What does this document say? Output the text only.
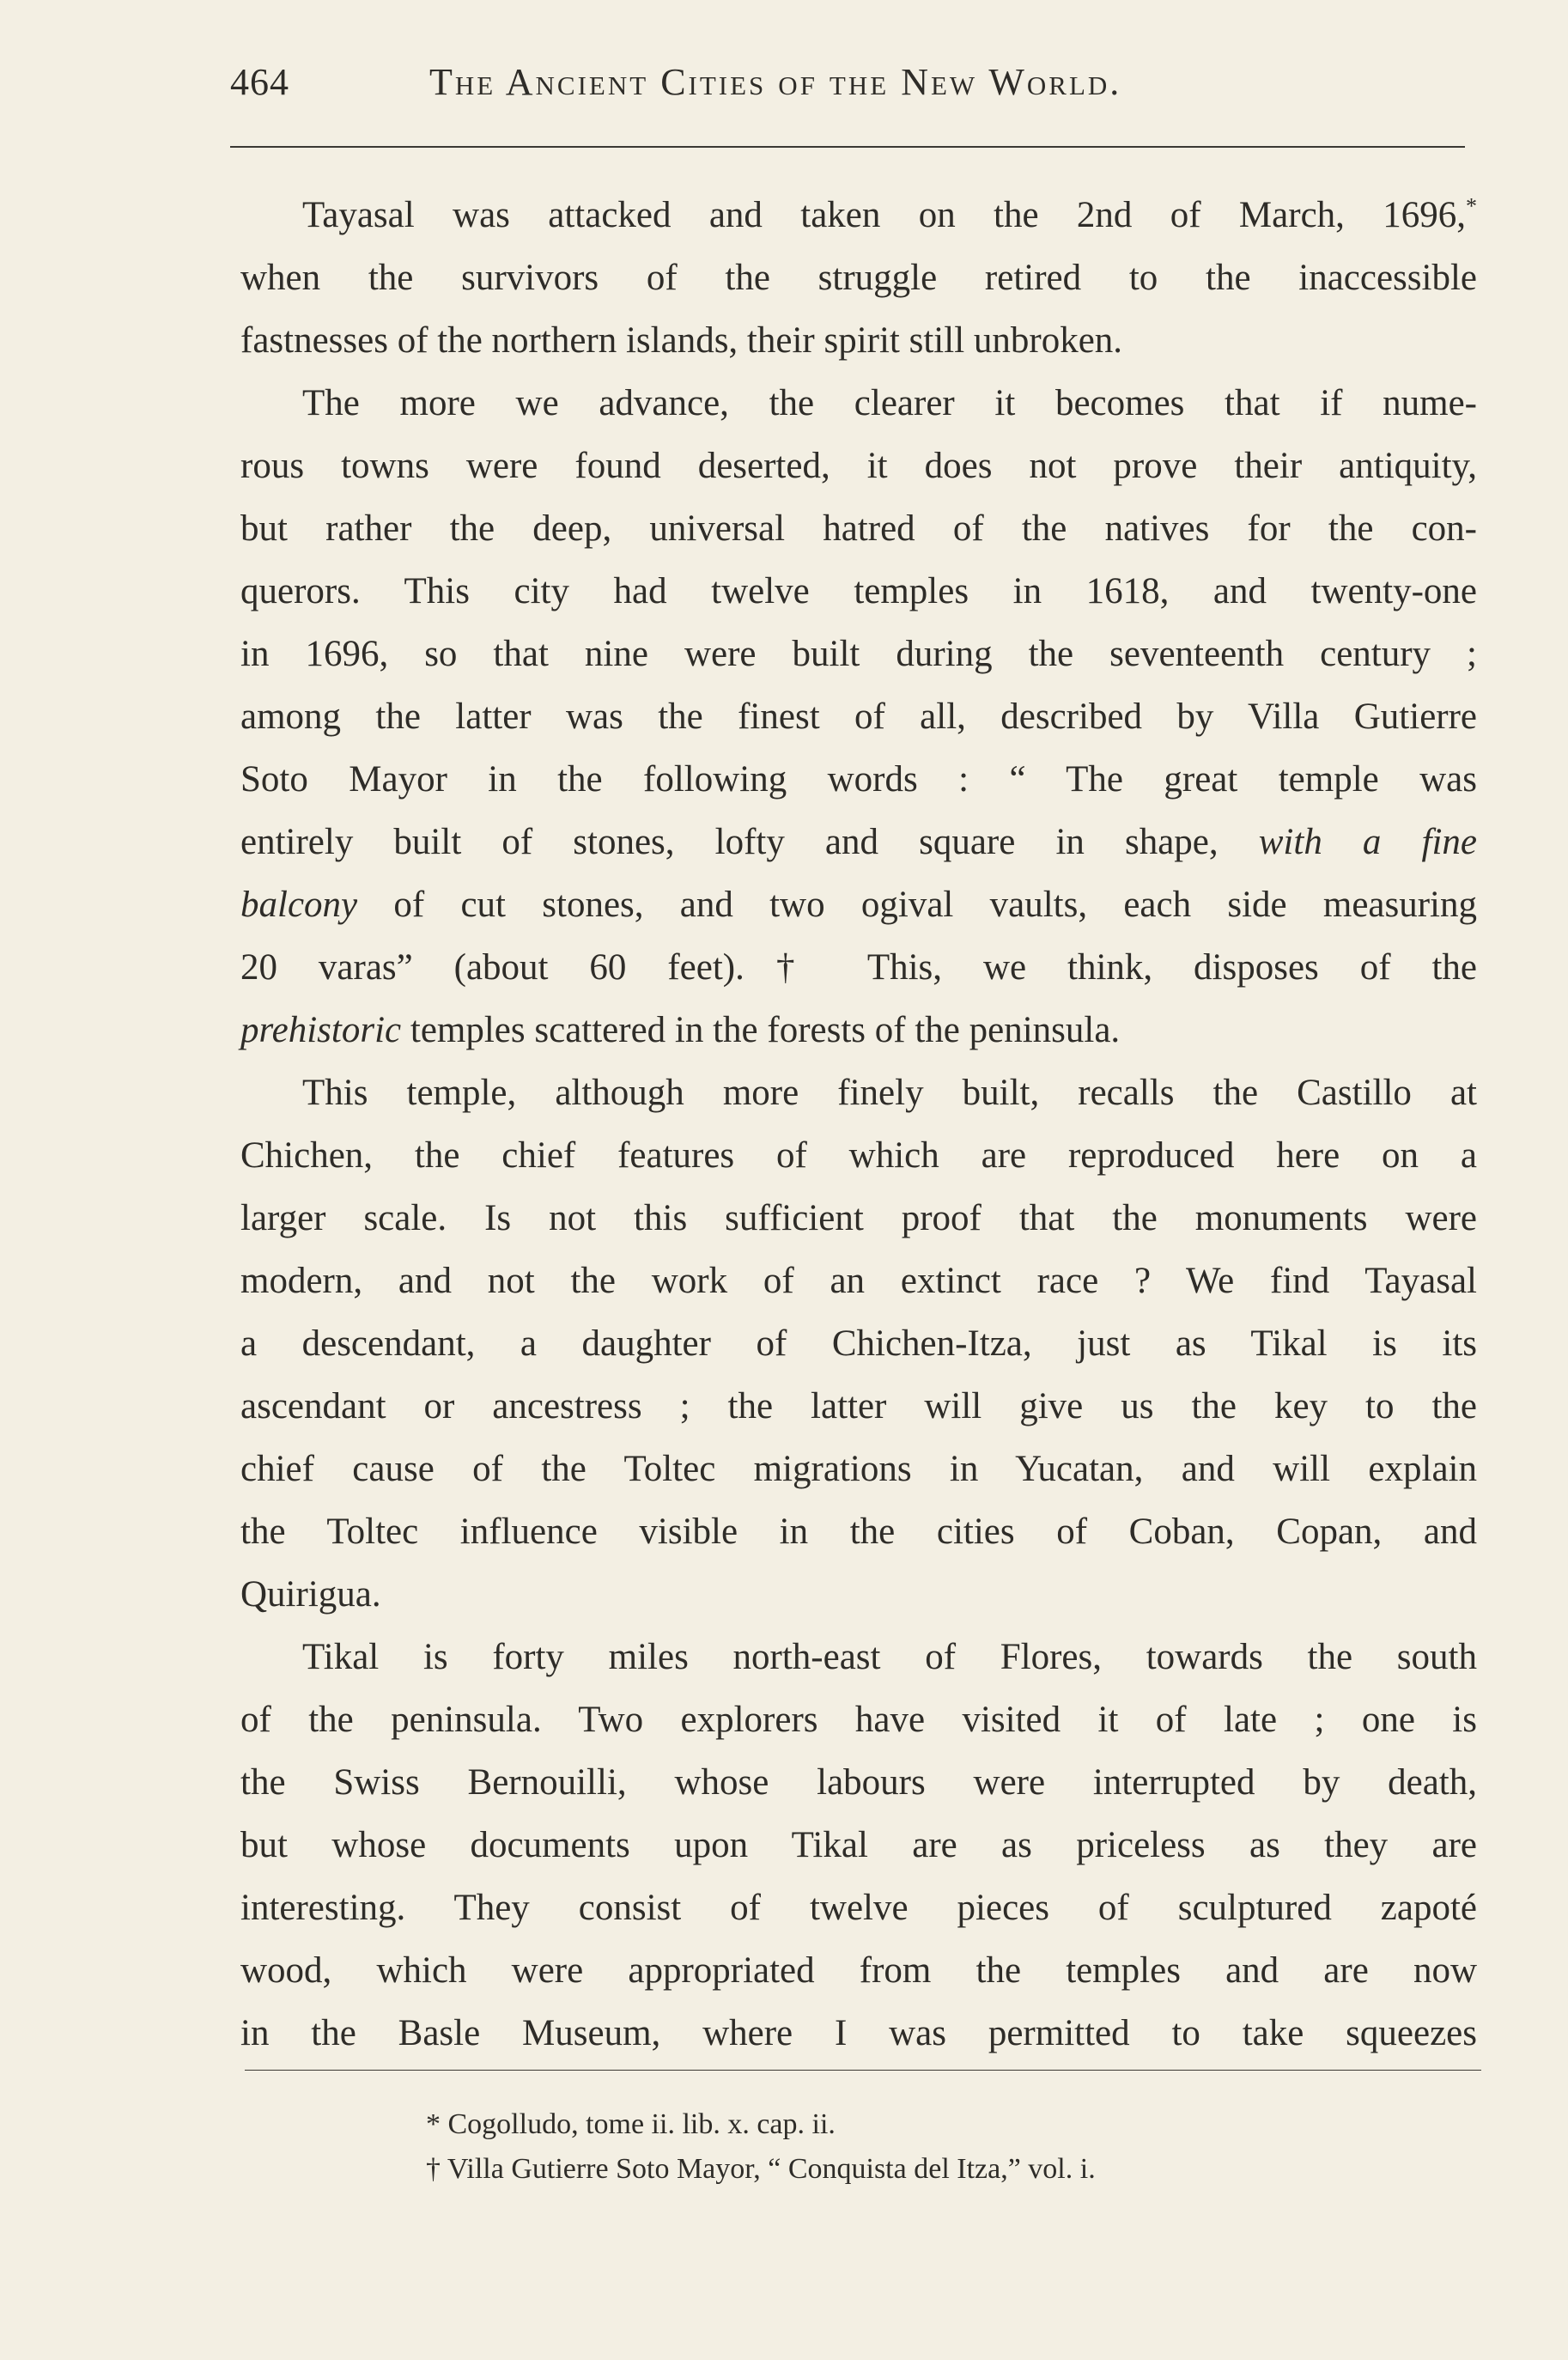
464	The Ancient Cities of the New World.
Tayasal was attacked and taken on the 2nd of March, 1696,*
when the survivors of the struggle retired to the inaccessible
fastnesses of the northern islands, their spirit still unbroken.
The more we advance, the clearer it becomes that if nume-
rous towns were found deserted, it does not prove their antiquity,
but rather the deep, universal hatred of the natives for the con-
querors. This city had twelve temples in 1618, and twenty-one
in 1696, so that nine were built during the seventeenth century ;
among the latter was the finest of all, described by Villa Gutierre
Soto Mayor in the following words : “ The great temple was
entirely built of stones, lofty and square in shape, with a fine
balcony of cut stones, and two ogival vaults, each side measuring
20 varas” (about 60 feet).† This, we think, disposes of the
prehistoric temples scattered in the forests of the peninsula.
This temple, although more finely built, recalls the Castillo at
Chichen, the chief features of which are reproduced here on a
larger scale. Is not this sufficient proof that the monuments were
modern, and not the work of an extinct race ? We find Tayasal
a descendant, a daughter of Chichen-Itza, just as Tikal is its
ascendant or ancestress ; the latter will give us the key to the
chief cause of the Toltec migrations in Yucatan, and will explain
the Toltec influence visible in the cities of Coban, Copan, and
Quirigua.
Tikal is forty miles north-east of Flores, towards the south
of the peninsula. Two explorers have visited it of late ; one is
the Swiss Bernouilli, whose labours were interrupted by death,
but whose documents upon Tikal are as priceless as they are
interesting. They consist of twelve pieces of sculptured zapoté
wood, which were appropriated from the temples and are now
in the Basle Museum, where I was permitted to take squeezes
* Cogolludo, tome ii. lib. x. cap. ii.
† Villa Gutierre Soto Mayor, “ Conquista del Itza,” vol. i.
